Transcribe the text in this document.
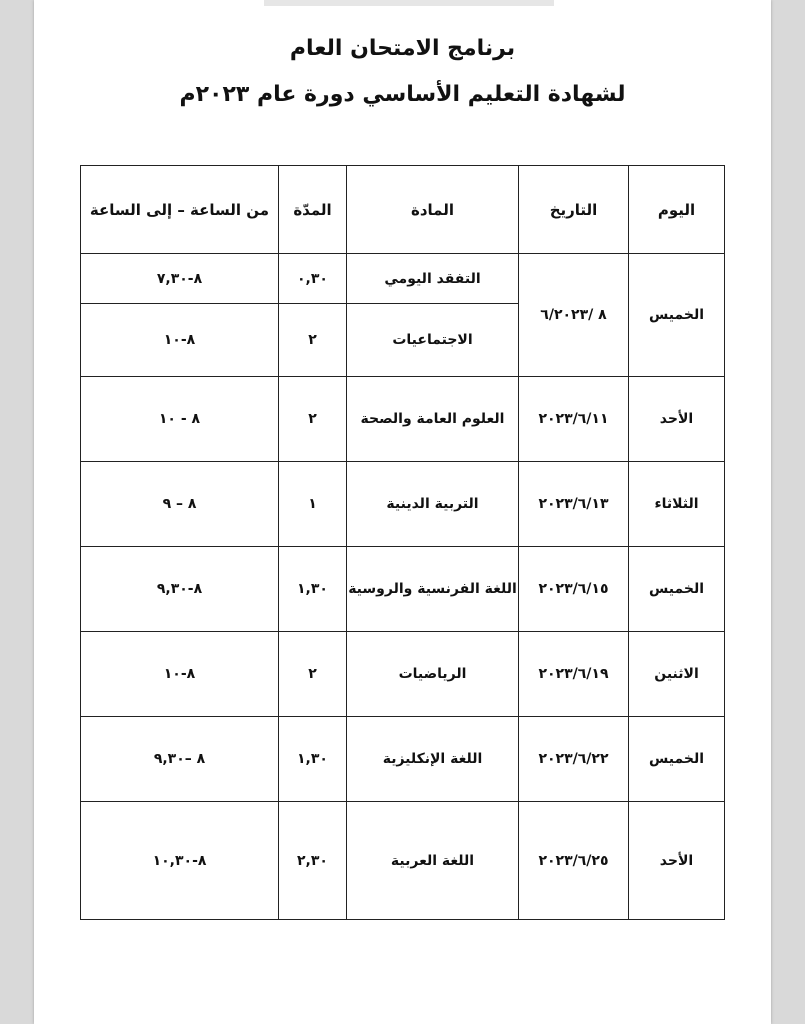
برنامج الامتحان العام
لشهادة التعليم الأساسي دورة عام ٢٠٢٣م
اليوم	التاريخ	المادة	المدّة	من الساعة – إلى الساعة
الخميس	٨ /٦/٢٠٢٣	التفقد اليومي	٠,٣٠	٨-٧,٣٠
		الاجتماعيات	٢	٨-١٠
الأحد	٢٠٢٣/٦/١١	العلوم العامة والصحة	٢	٨ - ١٠
الثلاثاء	٢٠٢٣/٦/١٣	التربية الدينية	١	٨ – ٩
الخميس	٢٠٢٣/٦/١٥	اللغة الفرنسية والروسية	١,٣٠	٨-٩,٣٠
الاثنين	٢٠٢٣/٦/١٩	الرياضيات	٢	٨-١٠
الخميس	٢٠٢٣/٦/٢٢	اللغة الإنكليزية	١,٣٠	٨ –٩,٣٠
الأحد	٢٠٢٣/٦/٢٥	اللغة العربية	٢,٣٠	٨-١٠,٣٠
